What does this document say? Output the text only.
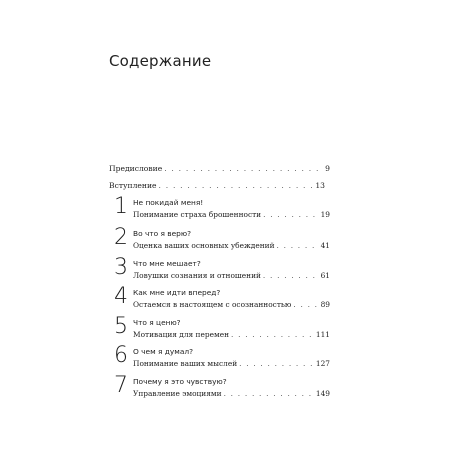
Содержание
Предисловие . . .	9
Вступление . . .	13
1 Не покидай меня!
Понимание страха брошенности . . .	19
2 Во что я верю?
Оценка ваших основных убеждений . . .	41
3 Что мне мешает?
Ловушки сознания и отношений . . .	61
4 Как мне идти вперед?
Остаемся в настоящем с осознанностью . . .	89
5 Что я ценю?
Мотивация для перемен . . .	111
6 О чем я думал?
Понимание ваших мыслей . . .	127
7 Почему я это чувствую?
Управление эмоциями . . .	149
